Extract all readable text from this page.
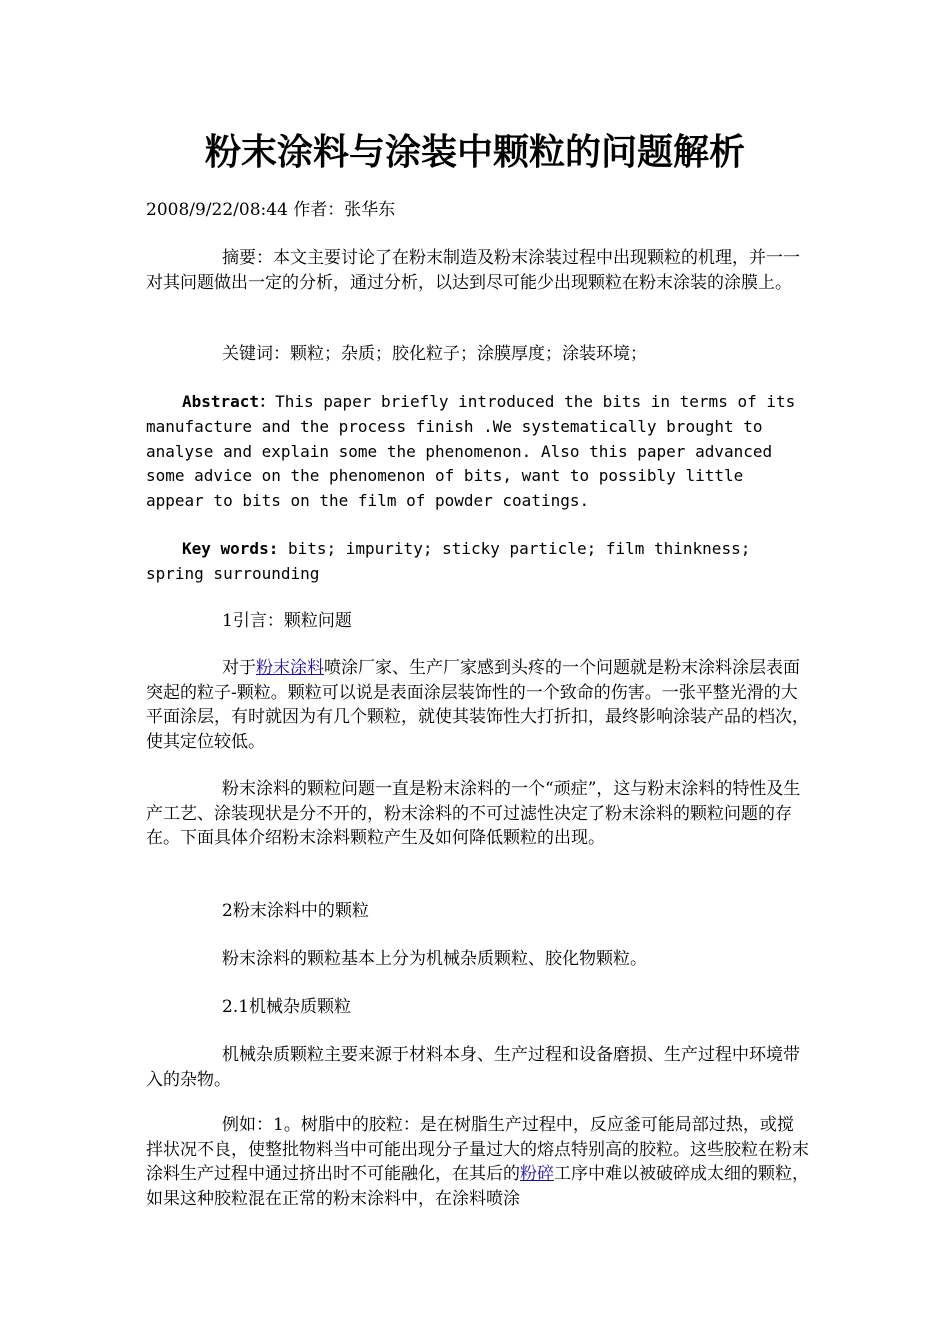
粉末涂料与涂装中颗粒的问题解析

2008/9/22/08:44 作者：张华东

摘要：本文主要讨论了在粉末制造及粉末涂装过程中出现颗粒的机理，并一一对其问题做出一定的分析，通过分析，以达到尽可能少出现颗粒在粉末涂装的涂膜上。

关键词：颗粒；杂质；胶化粒子；涂膜厚度；涂装环境；

Abstract：This paper briefly introduced the bits in terms of its manufacture and the process finish .We systematically brought to analyse and explain some the phenomenon. Also this paper advanced some advice on the phenomenon of bits, want to possibly little appear to bits on the film of powder coatings.

Key words: bits; impurity; sticky particle; film thinkness; spring surrounding

1引言：颗粒问题

对于粉末涂料喷涂厂家、生产厂家感到头疼的一个问题就是粉末涂料涂层表面突起的粒子-颗粒。颗粒可以说是表面涂层装饰性的一个致命的伤害。一张平整光滑的大平面涂层，有时就因为有几个颗粒，就使其装饰性大打折扣，最终影响涂装产品的档次，使其定位较低。

粉末涂料的颗粒问题一直是粉末涂料的一个“顽症”，这与粉末涂料的特性及生产工艺、涂装现状是分不开的，粉末涂料的不可过滤性决定了粉末涂料的颗粒问题的存在。下面具体介绍粉末涂料颗粒产生及如何降低颗粒的出现。

2粉末涂料中的颗粒

粉末涂料的颗粒基本上分为机械杂质颗粒、胶化物颗粒。

2.1机械杂质颗粒

机械杂质颗粒主要来源于材料本身、生产过程和设备磨损、生产过程中环境带入的杂物。

例如：1。树脂中的胶粒：是在树脂生产过程中，反应釜可能局部过热，或搅拌状况不良，使整批物料当中可能出现分子量过大的熔点特别高的胶粒。这些胶粒在粉末涂料生产过程中通过挤出时不可能融化，在其后的粉碎工序中难以被破碎成太细的颗粒，如果这种胶粒混在正常的粉末涂料中，在涂料喷涂
